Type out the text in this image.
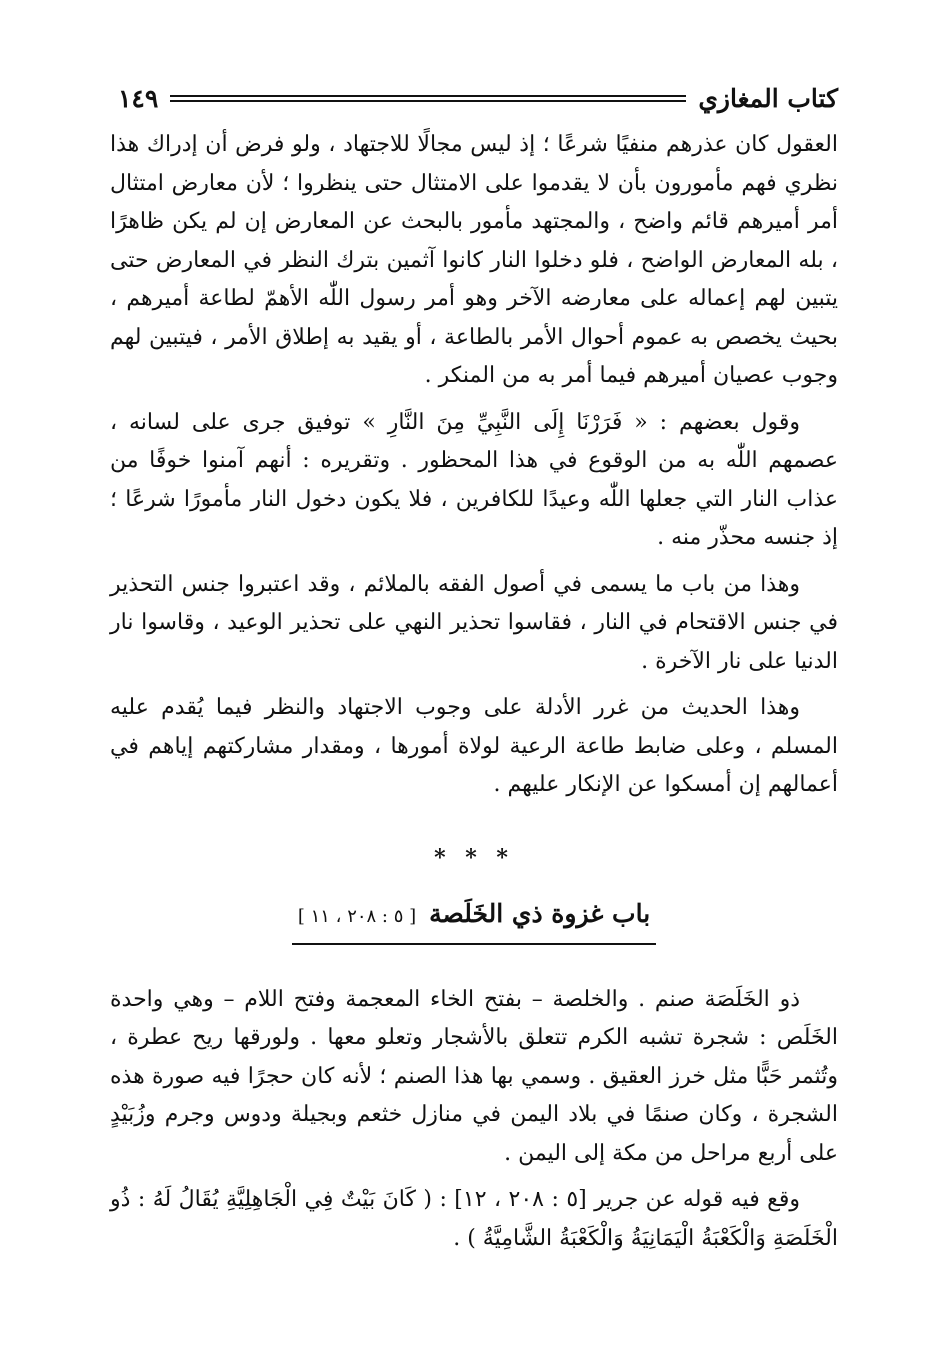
كتاب المغازي
١٤٩

العقول كان عذرهم منفيًا شرعًا ؛ إذ ليس مجالًا للاجتهاد ، ولو فرض أن إدراك هذا نظري فهم مأمورون بأن لا يقدموا على الامتثال حتى ينظروا ؛ لأن معارض امتثال أمر أميرهم قائم واضح ، والمجتهد مأمور بالبحث عن المعارض إن لم يكن ظاهرًا ، بله المعارض الواضح ، فلو دخلوا النار كانوا آثمين بترك النظر في المعارض حتى يتبين لهم إعماله على معارضه الآخر وهو أمر رسول اللّٰه الأهمّ لطاعة أميرهم ، بحيث يخصص به عموم أحوال الأمر بالطاعة ، أو يقيد به إطلاق الأمر ، فيتبين لهم وجوب عصيان أميرهم فيما أمر به من المنكر .

وقول بعضهم : « فَرَرْنَا إِلَى النَّبِيِّ مِنَ النَّارِ » توفيق جرى على لسانه ، عصمهم اللّٰه به من الوقوع في هذا المحظور . وتقريره : أنهم آمنوا خوفًا من عذاب النار التي جعلها اللّٰه وعيدًا للكافرين ، فلا يكون دخول النار مأمورًا شرعًا ؛ إذ جنسه محذّر منه .

وهذا من باب ما يسمى في أصول الفقه بالملائم ، وقد اعتبروا جنس التحذير في جنس الاقتحام في النار ، فقاسوا تحذير النهي على تحذير الوعيد ، وقاسوا نار الدنيا على نار الآخرة .

وهذا الحديث من غرر الأدلة على وجوب الاجتهاد والنظر فيما يُقدم عليه المسلم ، وعلى ضابط طاعة الرعية لولاة أمورها ، ومقدار مشاركتهم إياهم في أعمالهم إن أمسكوا عن الإنكار عليهم .

* * *
باب غزوة ذي الخَلَصة [ ٥ : ٢٠٨ ، ١١ ]

ذو الخَلَصَة صنم . والخلصة – بفتح الخاء المعجمة وفتح اللام – وهي واحدة الخَلَص : شجرة تشبه الكرم تتعلق بالأشجار وتعلو معها . ولورقها ريح عطرة ، وتُثمر حَبًّا مثل خرز العقيق . وسمي بها هذا الصنم ؛ لأنه كان حجرًا فيه صورة هذه الشجرة ، وكان صنمًا في بلاد اليمن في منازل خثعم وبجيلة ودوس وجرم وزُبَيْدٍ على أربع مراحل من مكة إلى اليمن .

وقع فيه قوله عن جرير [٥ : ٢٠٨ ، ١٢] : ( كَانَ بَيْتٌ فِي الْجَاهِلِيَّةِ يُقَالُ لَهُ : ذُو الْخَلَصَةِ وَالْكَعْبَةُ الْيَمَانِيَةُ وَالْكَعْبَةُ الشَّامِيَّةُ ) .
